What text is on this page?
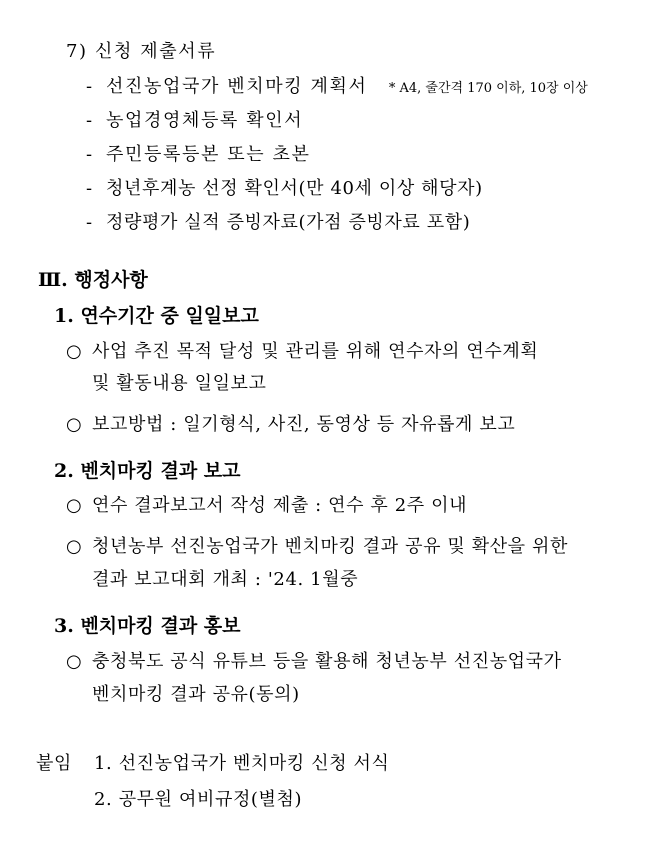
7) 신청 제출서류
- 선진농업국가 벤치마킹 계획서 * A4, 줄간격 170 이하, 10장 이상
- 농업경영체등록 확인서
- 주민등록등본 또는 초본
- 청년후계농 선정 확인서(만 40세 이상 해당자)
- 정량평가 실적 증빙자료(가점 증빙자료 포함)
Ⅲ. 행정사항
1. 연수기간 중 일일보고
○ 사업 추진 목적 달성 및 관리를 위해 연수자의 연수계획
및 활동내용 일일보고
○ 보고방법 : 일기형식, 사진, 동영상 등 자유롭게 보고
2. 벤치마킹 결과 보고
○ 연수 결과보고서 작성 제출 : 연수 후 2주 이내
○ 청년농부 선진농업국가 벤치마킹 결과 공유 및 확산을 위한
결과 보고대회 개최 : '24. 1월중
3. 벤치마킹 결과 홍보
○ 충청북도 공식 유튜브 등을 활용해 청년농부 선진농업국가
벤치마킹 결과 공유(동의)
붙임 1. 선진농업국가 벤치마킹 신청 서식
2. 공무원 여비규정(별첨)
